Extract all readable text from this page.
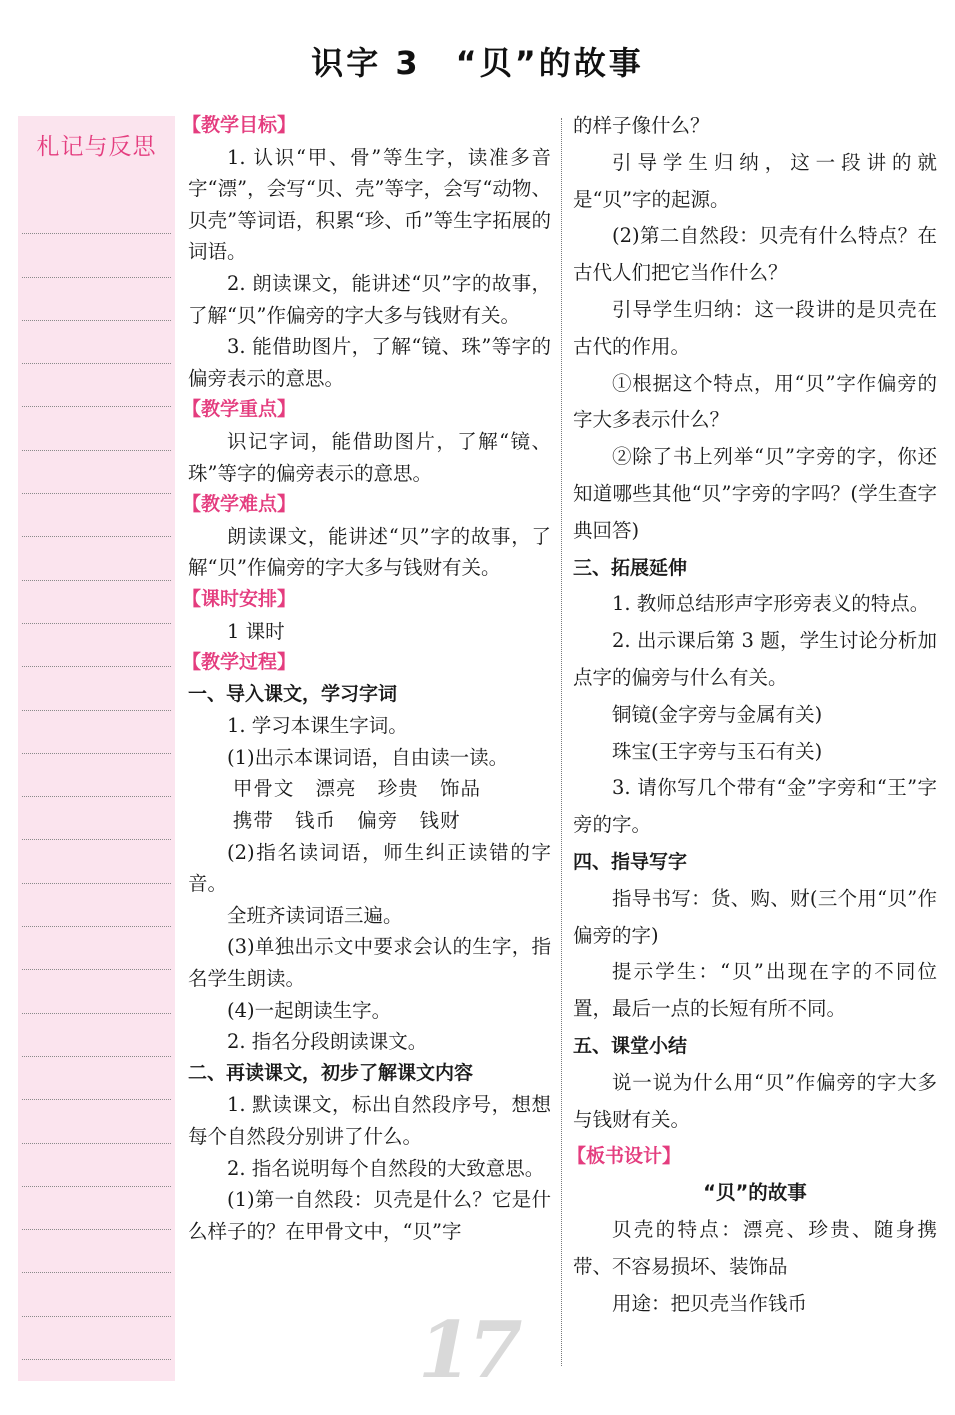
识字 3　“贝”的故事
札记与反思
【教学目标】
1. 认识“甲、骨”等生字，读准多音字“漂”，会写“贝、壳”等字，会写“动物、贝壳”等词语，积累“珍、币”等生字拓展的词语。
2. 朗读课文，能讲述“贝”字的故事，了解“贝”作偏旁的字大多与钱财有关。
3. 能借助图片，了解“镜、珠”等字的偏旁表示的意思。
【教学重点】
识记字词，能借助图片，了解“镜、珠”等字的偏旁表示的意思。
【教学难点】
朗读课文，能讲述“贝”字的故事，了解“贝”作偏旁的字大多与钱财有关。
【课时安排】
1 课时
【教学过程】
一、导入课文，学习字词
1. 学习本课生字词。
(1)出示本课词语，自由读一读。
甲骨文 漂亮 珍贵 饰品
携带 钱币 偏旁 钱财
(2)指名读词语，师生纠正读错的字音。
全班齐读词语三遍。
(3)单独出示文中要求会认的生字，指名学生朗读。
(4)一起朗读生字。
2. 指名分段朗读课文。
二、再读课文，初步了解课文内容
1. 默读课文，标出自然段序号，想想每个自然段分别讲了什么。
2. 指名说明每个自然段的大致意思。
(1)第一自然段：贝壳是什么？它是什么样子的？在甲骨文中，“贝”字
的样子像什么？
引导学生归纳，这一段讲的就是“贝”字的起源。
(2)第二自然段：贝壳有什么特点？在古代人们把它当作什么？
引导学生归纳：这一段讲的是贝壳在古代的作用。
①根据这个特点，用“贝”字作偏旁的字大多表示什么？
②除了书上列举“贝”字旁的字，你还知道哪些其他“贝”字旁的字吗？(学生查字典回答)
三、拓展延伸
1. 教师总结形声字形旁表义的特点。
2. 出示课后第 3 题，学生讨论分析加点字的偏旁与什么有关。
铜镜(金字旁与金属有关)
珠宝(王字旁与玉石有关)
3. 请你写几个带有“金”字旁和“王”字旁的字。
四、指导写字
指导书写：货、购、财(三个用“贝”作偏旁的字)
提示学生：“贝”出现在字的不同位置，最后一点的长短有所不同。
五、课堂小结
说一说为什么用“贝”作偏旁的字大多与钱财有关。
【板书设计】
“贝”的故事
贝壳的特点：漂亮、珍贵、随身携带、不容易损坏、装饰品
用途：把贝壳当作钱币
17
